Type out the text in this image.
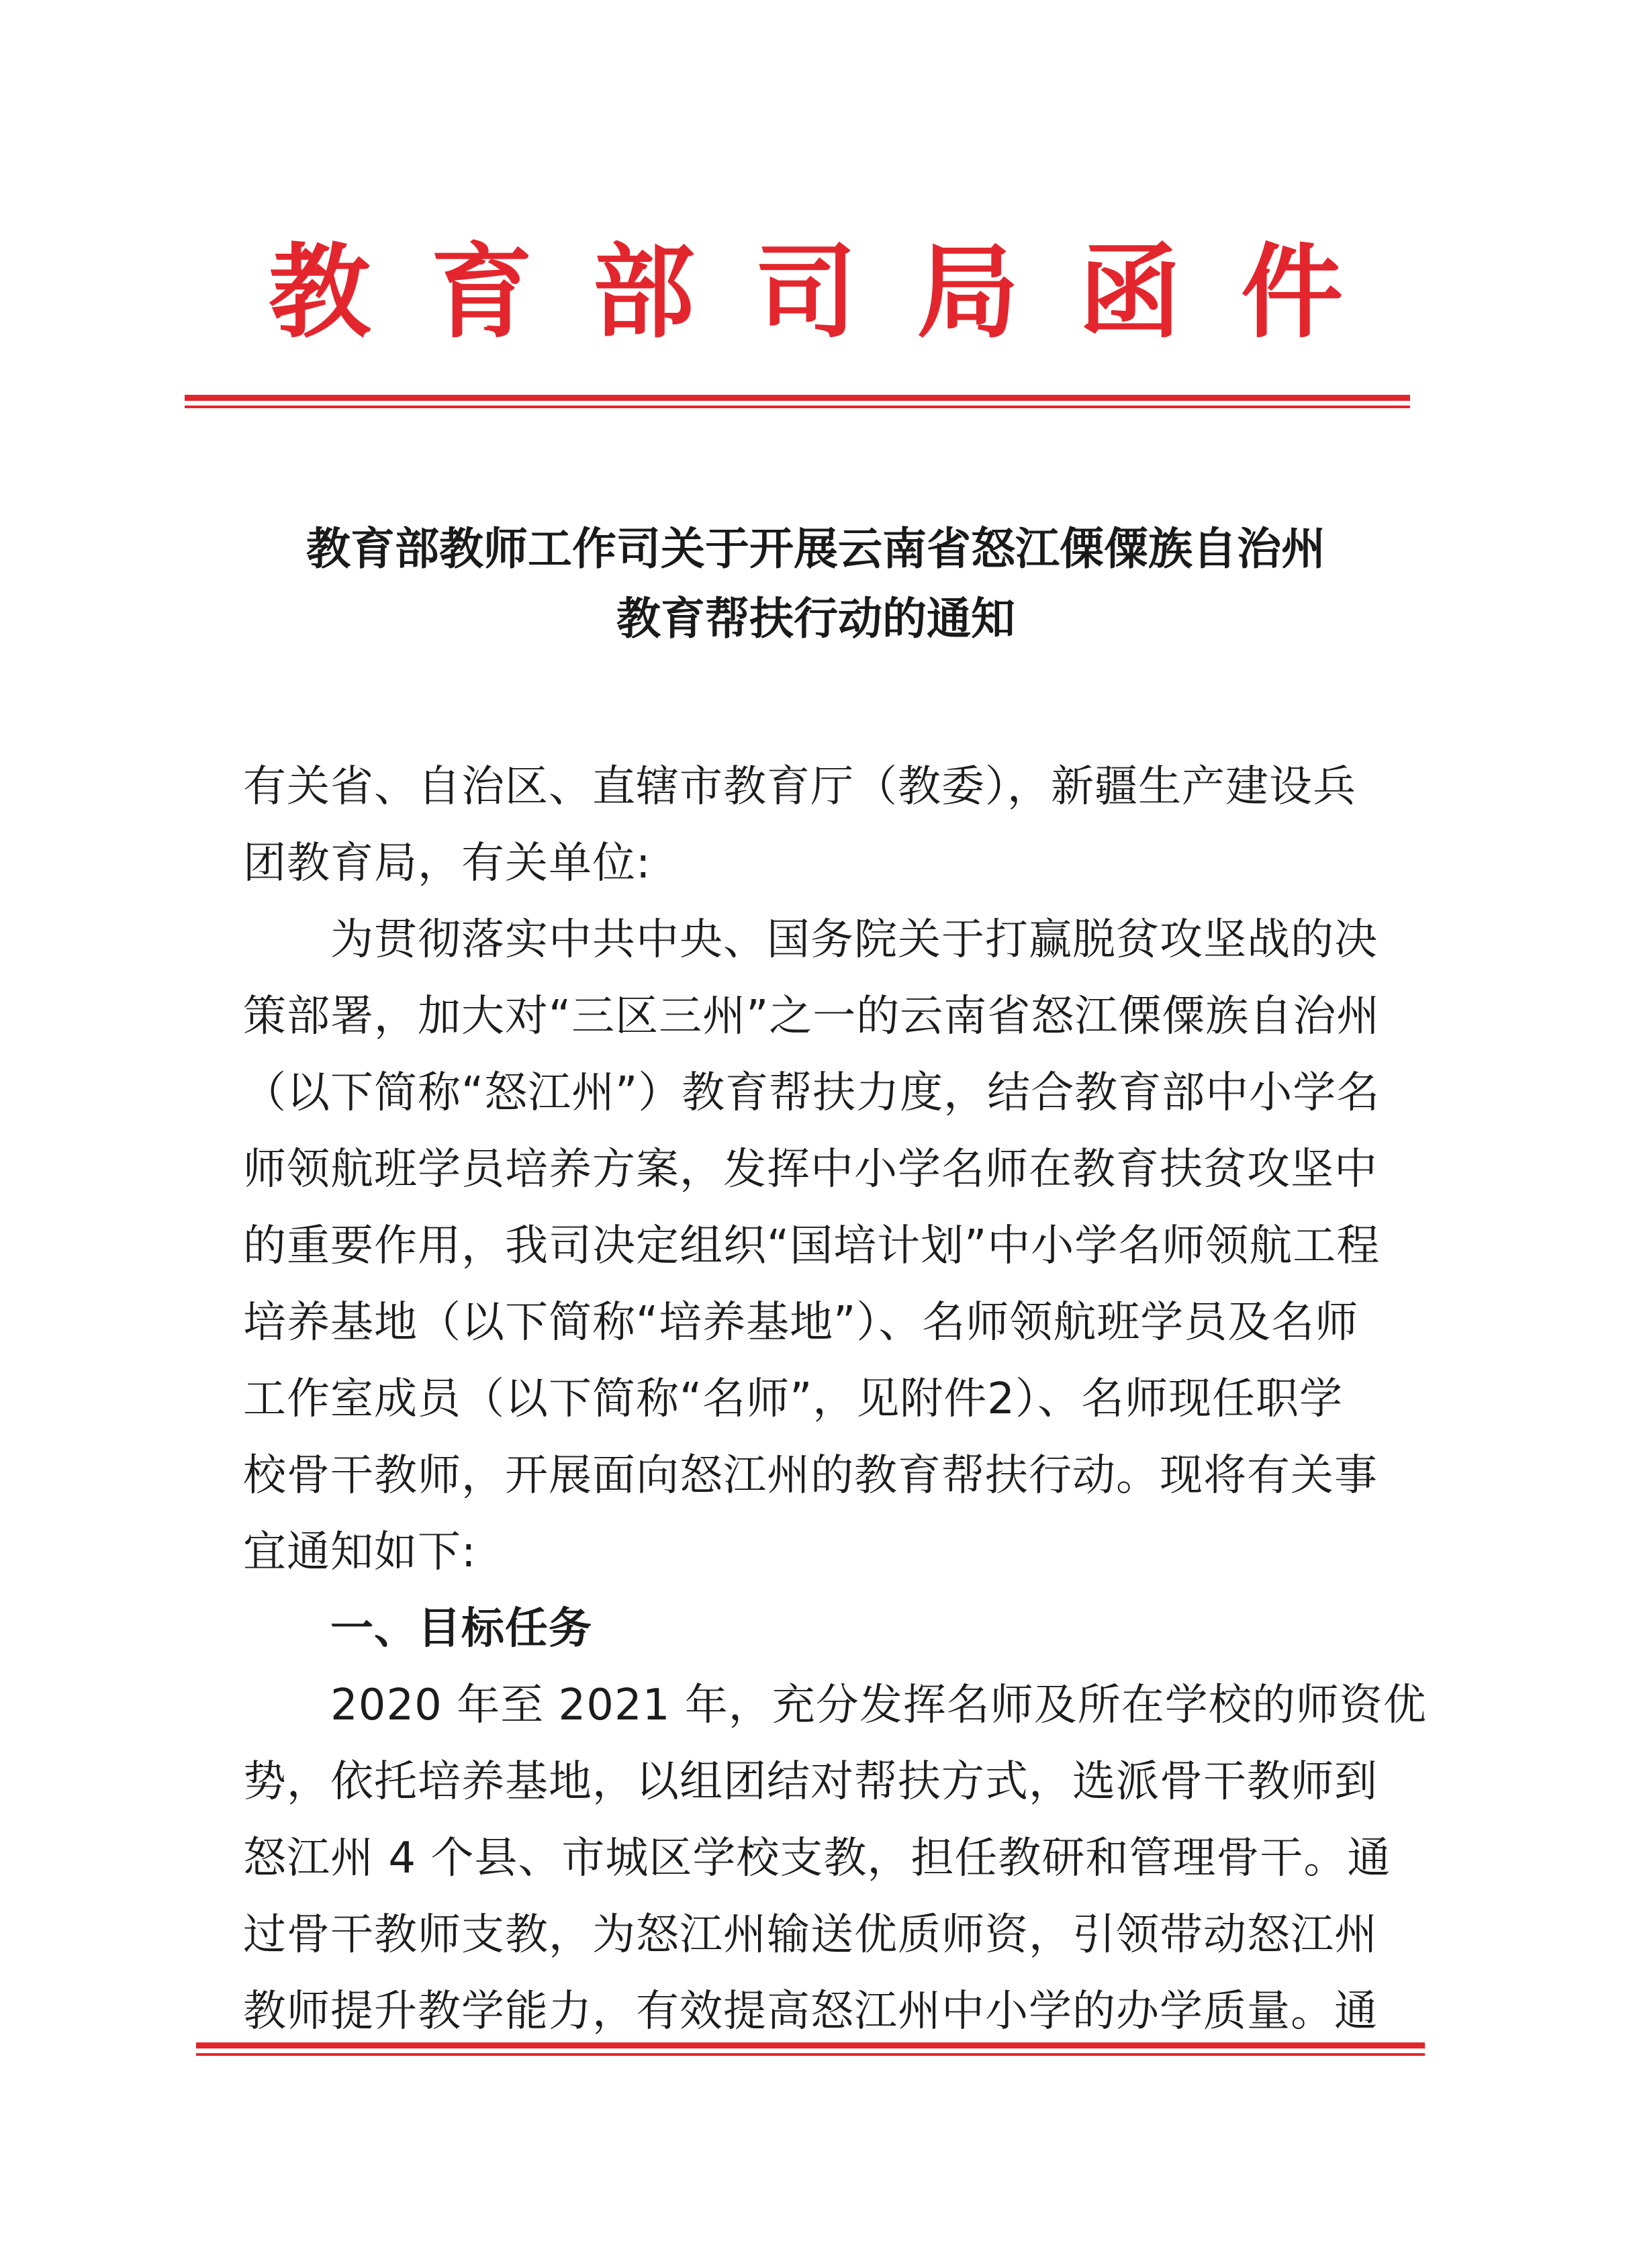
教 育 部 司 局 函 件
教育部教师工作司关于开展云南省怒江傈僳族自治州
教育帮扶行动的通知
有关省、自治区、直辖市教育厅（教委），新疆生产建设兵
团教育局，有关单位:
为贯彻落实中共中央、国务院关于打赢脱贫攻坚战的决
策部署，加大对“三区三州”之一的云南省怒江傈僳族自治州
（以下简称“怒江州”）教育帮扶力度，结合教育部中小学名
师领航班学员培养方案，发挥中小学名师在教育扶贫攻坚中
的重要作用，我司决定组织“国培计划”中小学名师领航工程
培养基地（以下简称“培养基地”）、名师领航班学员及名师
工作室成员（以下简称“名师”，见附件2）、名师现任职学
校骨干教师，开展面向怒江州的教育帮扶行动。现将有关事
宜通知如下:
一、目标任务
2020 年至 2021 年，充分发挥名师及所在学校的师资优
势，依托培养基地，以组团结对帮扶方式，选派骨干教师到
怒江州 4 个县、市城区学校支教，担任教研和管理骨干。通
过骨干教师支教，为怒江州输送优质师资，引领带动怒江州
教师提升教学能力，有效提高怒江州中小学的办学质量。通
